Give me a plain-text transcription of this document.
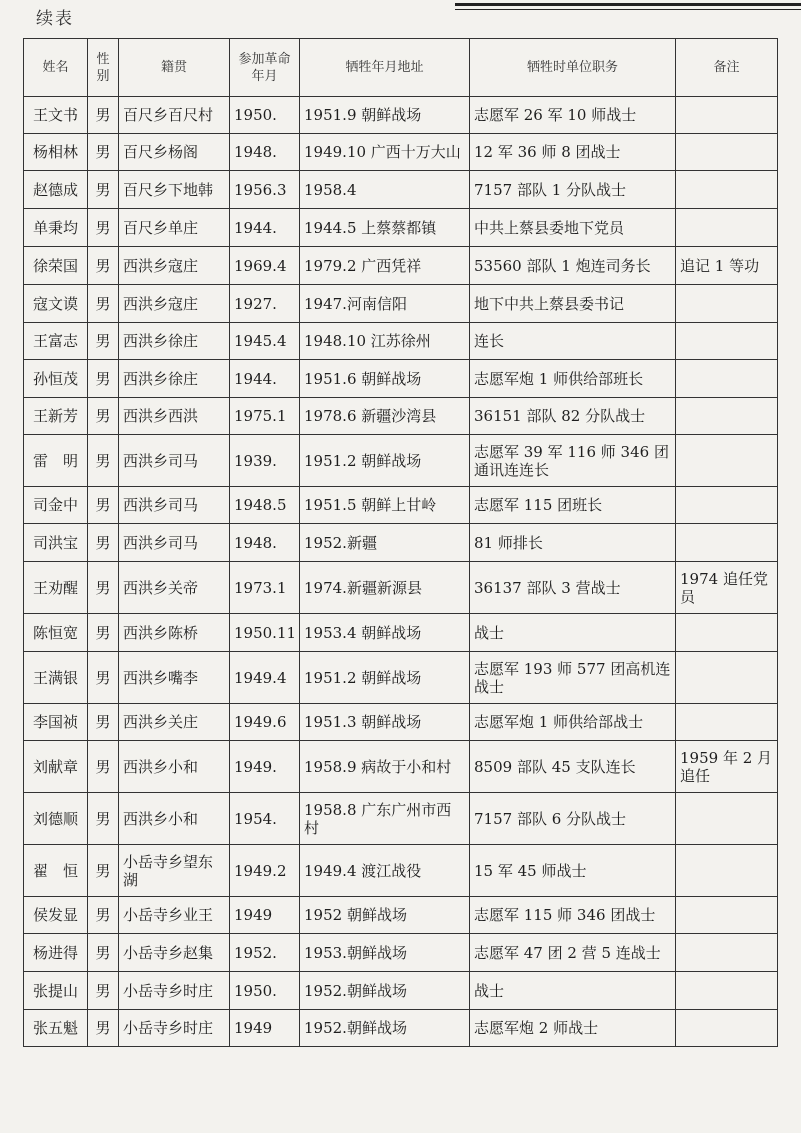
续表
姓名	性别	籍贯	参加革命年月	牺牲年月地址	牺牲时单位职务	备注
王文书	男	百尺乡百尺村	1950.	1951.9 朝鲜战场	志愿军 26 军 10 师战士	
杨相林	男	百尺乡杨阁	1948.	1949.10 广西十万大山	12 军 36 师 8 团战士	
赵德成	男	百尺乡下地韩	1956.3	1958.4	7157 部队 1 分队战士	
单秉均	男	百尺乡单庄	1944.	1944.5 上蔡蔡都镇	中共上蔡县委地下党员	
徐荣国	男	西洪乡寇庄	1969.4	1979.2 广西凭祥	53560 部队 1 炮连司务长	追记 1 等功
寇文谟	男	西洪乡寇庄	1927.	1947.河南信阳	地下中共上蔡县委书记	
王富志	男	西洪乡徐庄	1945.4	1948.10 江苏徐州	连长	
孙恒茂	男	西洪乡徐庄	1944.	1951.6 朝鲜战场	志愿军炮 1 师供给部班长	
王新芳	男	西洪乡西洪	1975.1	1978.6 新疆沙湾县	36151 部队 82 分队战士	
雷　明	男	西洪乡司马	1939.	1951.2 朝鲜战场	志愿军 39 军 116 师 346 团通讯连连长	
司金中	男	西洪乡司马	1948.5	1951.5 朝鲜上甘岭	志愿军 115 团班长	
司洪宝	男	西洪乡司马	1948.	1952.新疆	81 师排长	
王劝醒	男	西洪乡关帝	1973.1	1974.新疆新源县	36137 部队 3 营战士	1974 追任党员
陈恒宽	男	西洪乡陈桥	1950.11	1953.4 朝鲜战场	战士	
王满银	男	西洪乡嘴李	1949.4	1951.2 朝鲜战场	志愿军 193 师 577 团高机连战士	
李国祯	男	西洪乡关庄	1949.6	1951.3 朝鲜战场	志愿军炮 1 师供给部战士	
刘献章	男	西洪乡小和	1949.	1958.9 病故于小和村	8509 部队 45 支队连长	1959 年 2 月追任
刘德顺	男	西洪乡小和	1954.	1958.8 广东广州市西村	7157 部队 6 分队战士	
翟　恒	男	小岳寺乡望东湖	1949.2	1949.4 渡江战役	15 军 45 师战士	
侯发显	男	小岳寺乡业王	1949	1952 朝鲜战场	志愿军 115 师 346 团战士	
杨进得	男	小岳寺乡赵集	1952.	1953.朝鲜战场	志愿军 47 团 2 营 5 连战士	
张提山	男	小岳寺乡时庄	1950.	1952.朝鲜战场	战士	
张五魁	男	小岳寺乡时庄	1949	1952.朝鲜战场	志愿军炮 2 师战士	
